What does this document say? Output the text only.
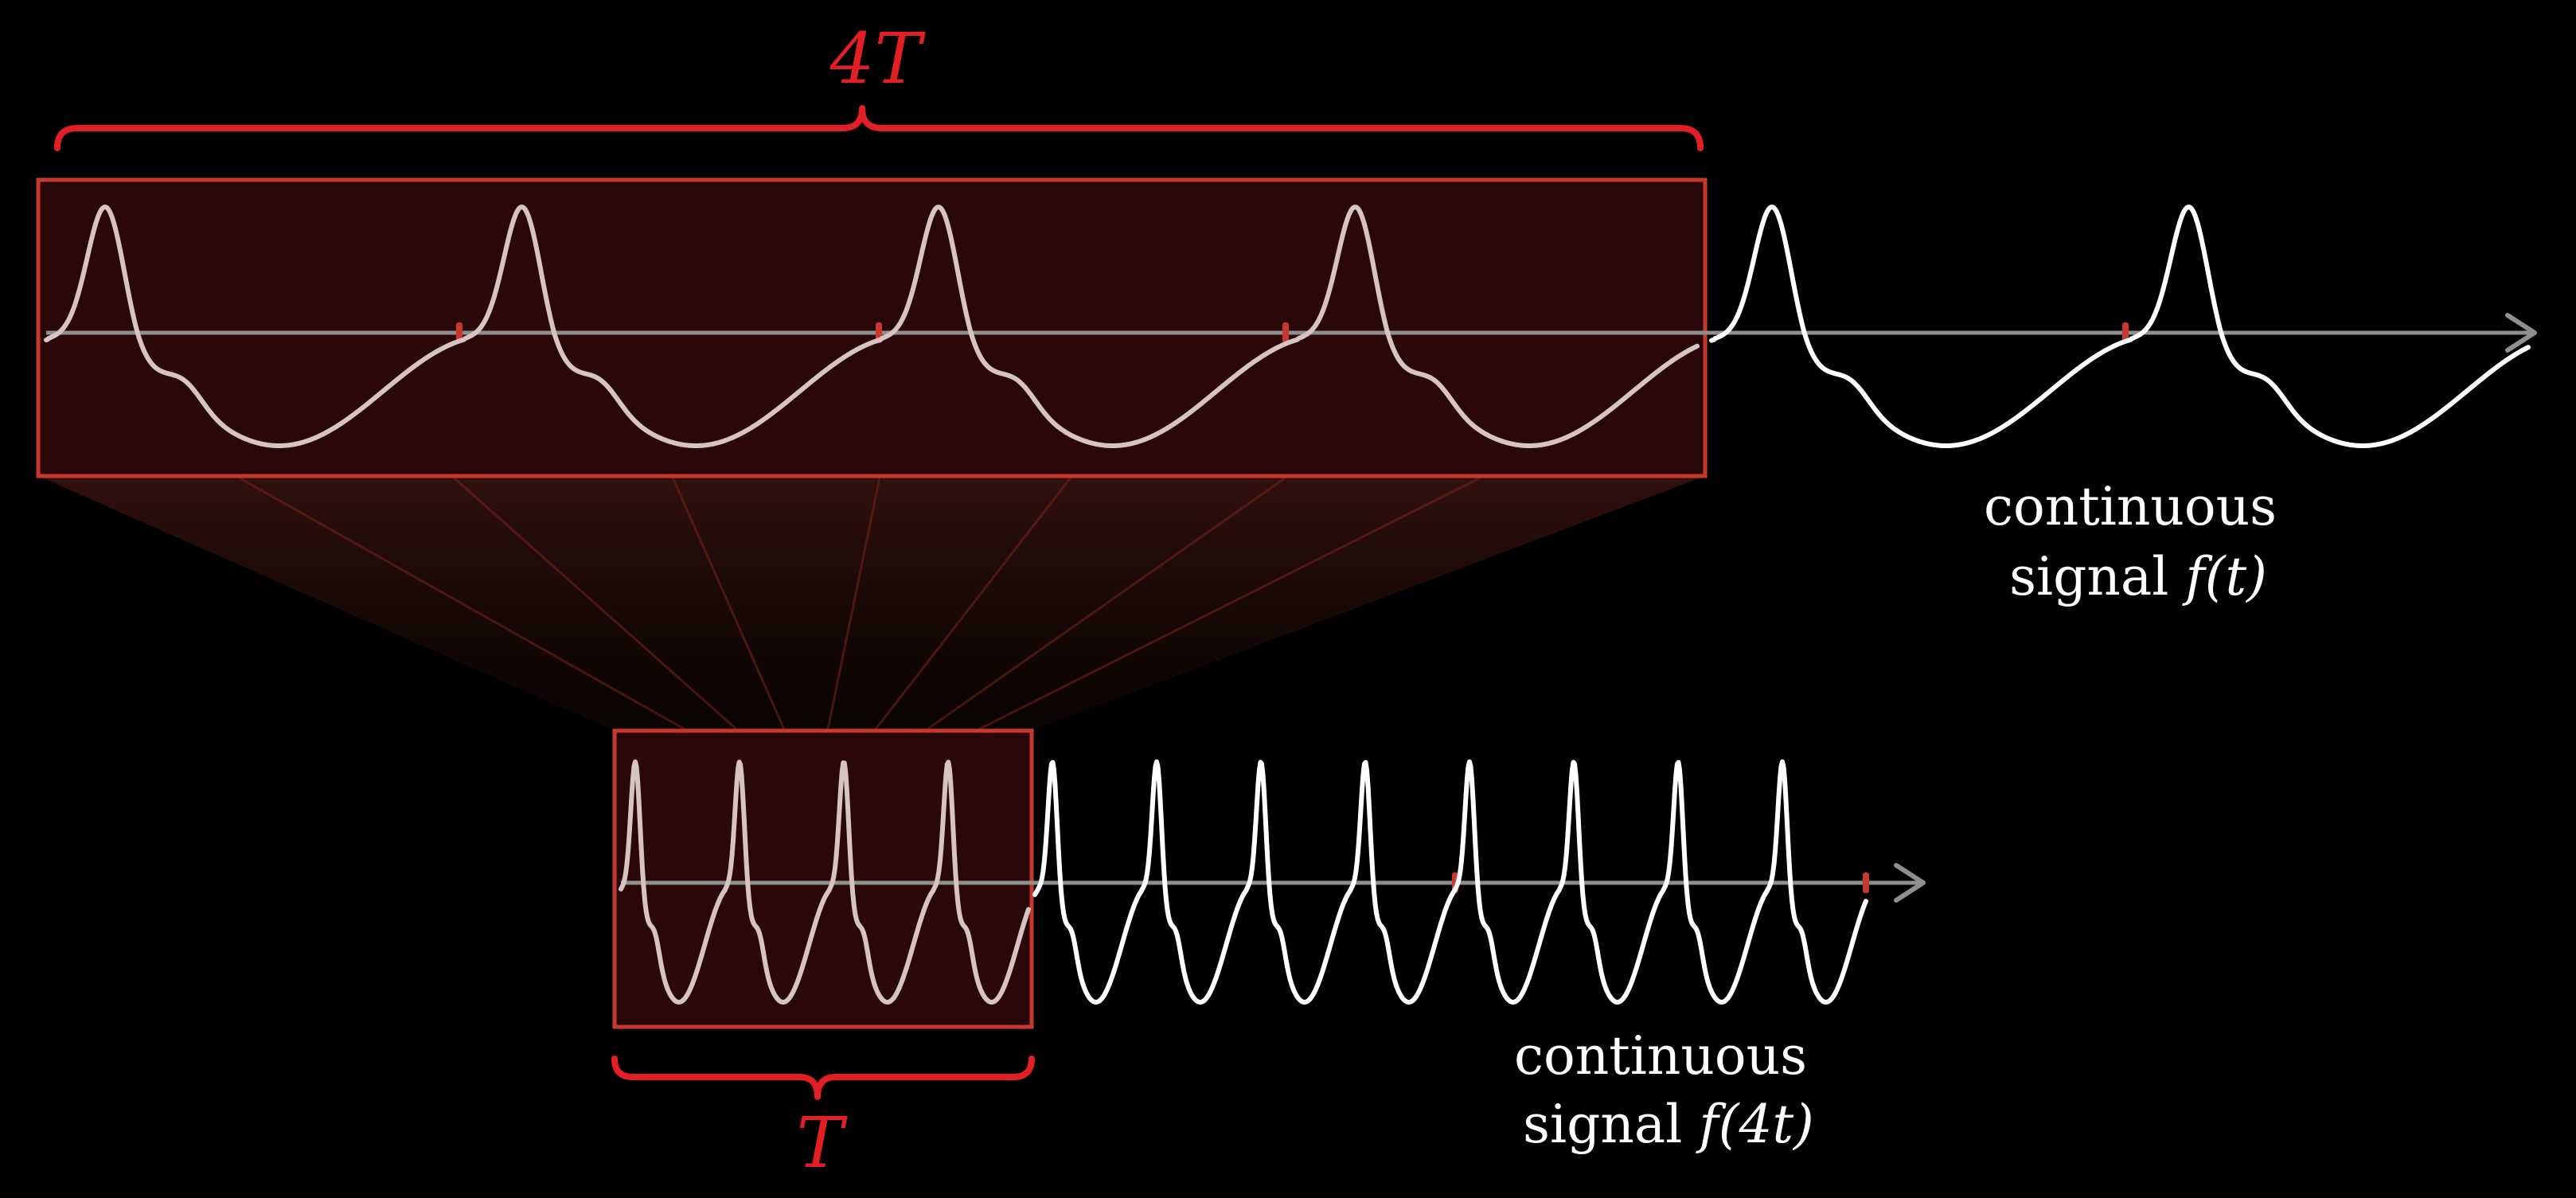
4T
T
continuous
signal f(t)
continuous
signal f(4t)
